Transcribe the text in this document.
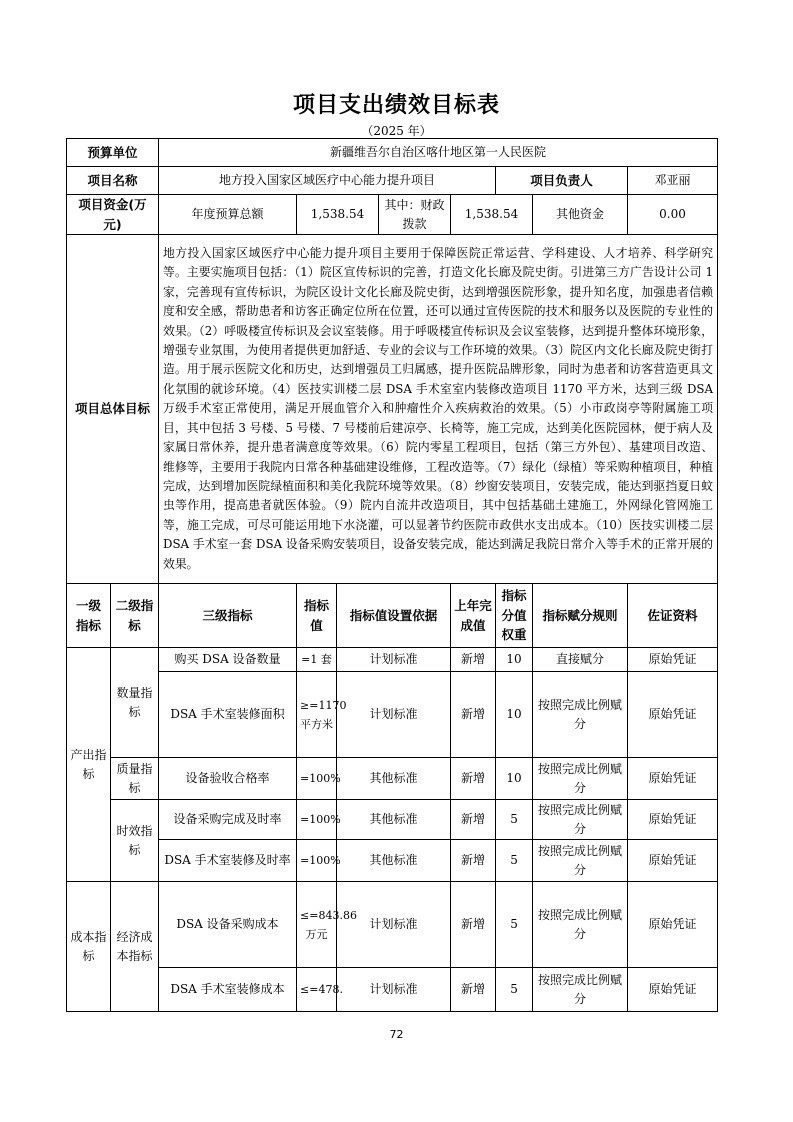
项目支出绩效目标表
（2025 年）
预算单位		新疆维吾尔自治区喀什地区第一人民医院							
项目名称		地方投入国家区域医疗中心能力提升项目					项目负责人		邓亚丽
项目资金(万元)		年度预算总额	1,538.54		其中：财政拨款	1,538.54		其他资金	0.00
项目总体目标		地方投入国家区域医疗中心能力提升项目主要用于保障医院正常运营、学科建设、人才培养、科学研究等。主要实施项目包括：（1）院区宣传标识的完善，打造文化长廊及院史街。引进第三方广告设计公司 1 家，完善现有宣传标识，为院区设计文化长廊及院史街，达到增强医院形象，提升知名度，加强患者信赖度和安全感，帮助患者和访客正确定位所在位置，还可以通过宣传医院的技术和服务以及医院的专业性的效果。（2）呼吸楼宣传标识及会议室装修。用于呼吸楼宣传标识及会议室装修，达到提升整体环境形象，增强专业氛围，为使用者提供更加舒适、专业的会议与工作环境的效果。（3）院区内文化长廊及院史街打造。用于展示医院文化和历史，达到增强员工归属感，提升医院品牌形象，同时为患者和访客营造更具文化氛围的就诊环境。（4）医技实训楼二层 DSA 手术室室内装修改造项目 1170 平方米，达到三级 DSA 万级手术室正常使用，满足开展血管介入和肿瘤性介入疾病救治的效果。（5）小市政岗亭等附属施工项目，其中包括 3 号楼、5 号楼、7 号楼前后建凉亭、长椅等，施工完成，达到美化医院园林，便于病人及家属日常休养，提升患者满意度等效果。（6）院内零星工程项目，包括（第三方外包）、基建项目改造、维修等，主要用于我院内日常各种基础建设维修，工程改造等。（7）绿化（绿植）等采购种植项目，种植完成，达到增加医院绿植面积和美化我院环境等效果。（8）纱窗安装项目，安装完成，能达到驱挡夏日蚊虫等作用，提高患者就医体验。（9）院内自流井改造项目，其中包括基础土建施工，外网绿化管网施工等，施工完成，可尽可能运用地下水浇灌，可以显著节约医院市政供水支出成本。（10）医技实训楼二层 DSA 手术室一套 DSA 设备采购安装项目，设备安装完成，能达到满足我院日常介入等手术的正常开展的效果。							
一级指标	二级指标	三级指标	指标值	指标值设置依据		上年完成值	指标分值权重	指标赋分规则	佐证资料
产出指标	数量指标	购买 DSA 设备数量	=1 套	计划标准		新增	10	直接赋分	原始凭证
		DSA 手术室装修面积	≥=1170平方米	计划标准		新增	10	按照完成比例赋分	原始凭证
	质量指标	设备验收合格率	=100%	其他标准		新增	10	按照完成比例赋分	原始凭证
	时效指标	设备采购完成及时率	=100%	其他标准		新增	5	按照完成比例赋分	原始凭证
		DSA 手术室装修及时率	=100%	其他标准		新增	5	按照完成比例赋分	原始凭证
成本指标	经济成本指标	DSA 设备采购成本	≤=843.86万元	计划标准		新增	5	按照完成比例赋分	原始凭证
		DSA 手术室装修成本	≤=478.	计划标准		新增	5	按照完成比例赋分	原始凭证
72
